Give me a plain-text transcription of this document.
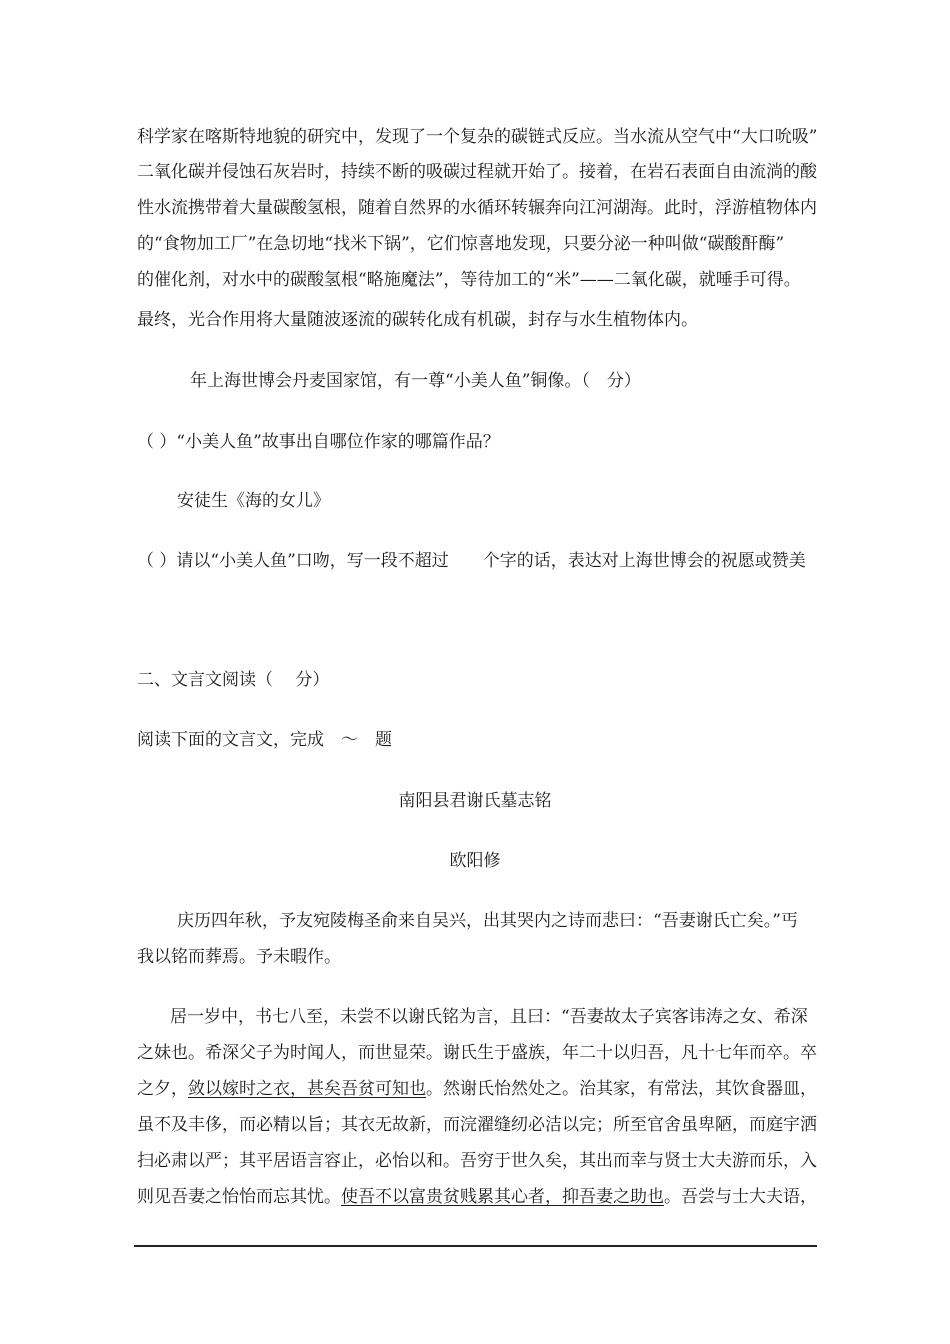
科学家在喀斯特地貌的研究中，发现了一个复杂的碳链式反应。当水流从空气中“大口吮吸”
二氧化碳并侵蚀石灰岩时，持续不断的吸碳过程就开始了。接着，在岩石表面自由流淌的酸
性水流携带着大量碳酸氢根，随着自然界的水循环转辗奔向江河湖海。此时，浮游植物体内
的“食物加工厂”在急切地“找米下锅”，它们惊喜地发现，只要分泌一种叫做“碳酸酐酶”
的催化剂，对水中的碳酸氢根“略施魔法”，等待加工的“米”——二氧化碳，就唾手可得。
最终，光合作用将大量随波逐流的碳转化成有机碳，封存与水生植物体内。
年上海世博会丹麦国家馆，有一尊“小美人鱼”铜像。（　分）
（ ）“小美人鱼”故事出自哪位作家的哪篇作品？
安徒生《海的女儿》
（ ）请以“小美人鱼”口吻，写一段不超过　　个字的话，表达对上海世博会的祝愿或赞美
二、文言文阅读（　 分）
阅读下面的文言文，完成　～　题
南阳县君谢氏墓志铭
欧阳修
庆历四年秋，予友宛陵梅圣俞来自吴兴，出其哭内之诗而悲曰：“吾妻谢氏亡矣。”丐
我以铭而葬焉。予未暇作。
居一岁中，书七八至，未尝不以谢氏铭为言，且曰：“吾妻故太子宾客讳涛之女、希深
之妹也。希深父子为时闻人，而世显荣。谢氏生于盛族，年二十以归吾，凡十七年而卒。卒
之夕，敛以嫁时之衣，甚矣吾贫可知也。然谢氏怡然处之。治其家，有常法，其饮食器皿，
虽不及丰侈，而必精以旨；其衣无故新，而浣濯缝纫必洁以完；所至官舍虽卑陋，而庭宇洒
扫必肃以严；其平居语言容止，必怡以和。吾穷于世久矣，其出而幸与贤士大夫游而乐，入
则见吾妻之怡怡而忘其忧。使吾不以富贵贫贱累其心者，抑吾妻之助也。吾尝与士大夫语，
